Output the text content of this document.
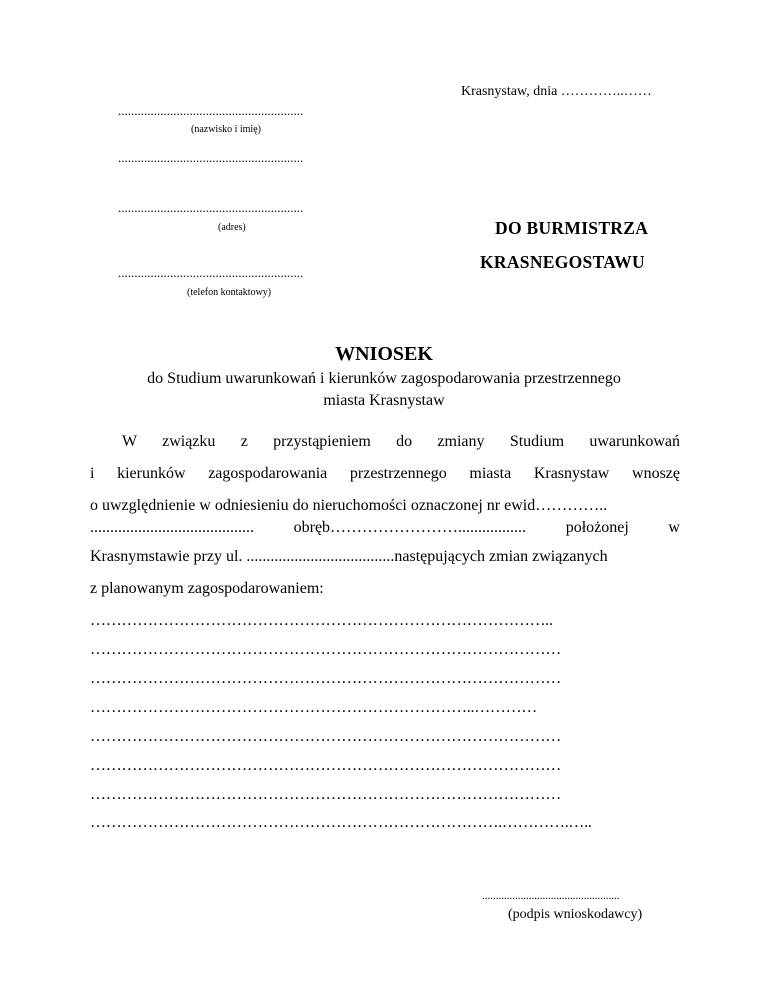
Krasnystaw, dnia …………..……
.........................................................
(nazwisko i imię)
.........................................................
.........................................................
(adres)
.........................................................
(telefon kontaktowy)
DO BURMISTRZA
KRASNEGOSTAWU
WNIOSEK
do Studium uwarunkowań i kierunków zagospodarowania przestrzennego
miasta Krasnystaw
W związku z przystąpieniem do zmiany Studium uwarunkowań
i kierunków zagospodarowania przestrzennego miasta Krasnystaw wnoszę
o uwzględnienie w odniesieniu do nieruchomości oznaczonej nr ewid…………..
......................................... obręb……………………................. położonej w
Krasnymstawie przy ul. ..................................... następujących zmian związanych
z planowanym zagospodarowaniem:
……………………………………………………………………………..
………………………………………………………………………………
………………………………………………………………………………
………………………………………………………………..…………
………………………………………………………………………………
………………………………………………………………………………
………………………………………………………………………………
…………………………………………………………………….………….…..
..................................................
(podpis wnioskodawcy)
